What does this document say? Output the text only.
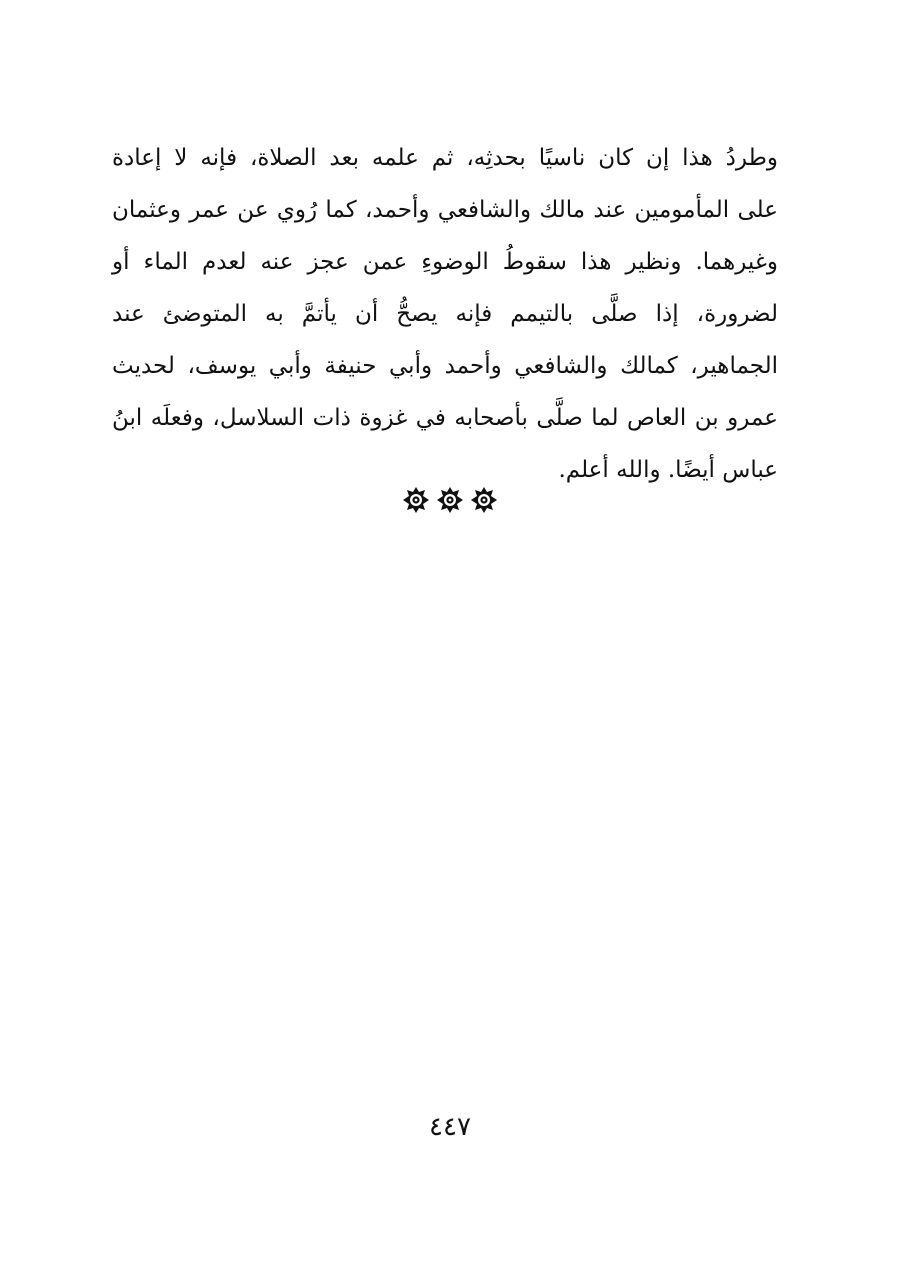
وطردُ هذا إن كان ناسيًا بحدثِه، ثم علمه بعد الصلاة، فإنه لا إعادة
على المأمومين عند مالك والشافعي وأحمد، كما رُوي عن عمر وعثمان
وغيرهما. ونظير هذا سقوطُ الوضوءِ عمن عجز عنه لعدم الماء أو
لضرورة، إذا صلَّى بالتيمم فإنه يصحُّ أن يأتمَّ به المتوضئ عند
الجماهير، كمالك والشافعي وأحمد وأبي حنيفة وأبي يوسف، لحديث
عمرو بن العاص لما صلَّى بأصحابه في غزوة ذات السلاسل، وفعلَه ابنُ
عباس أيضًا. والله أعلم.
٤٤٧
